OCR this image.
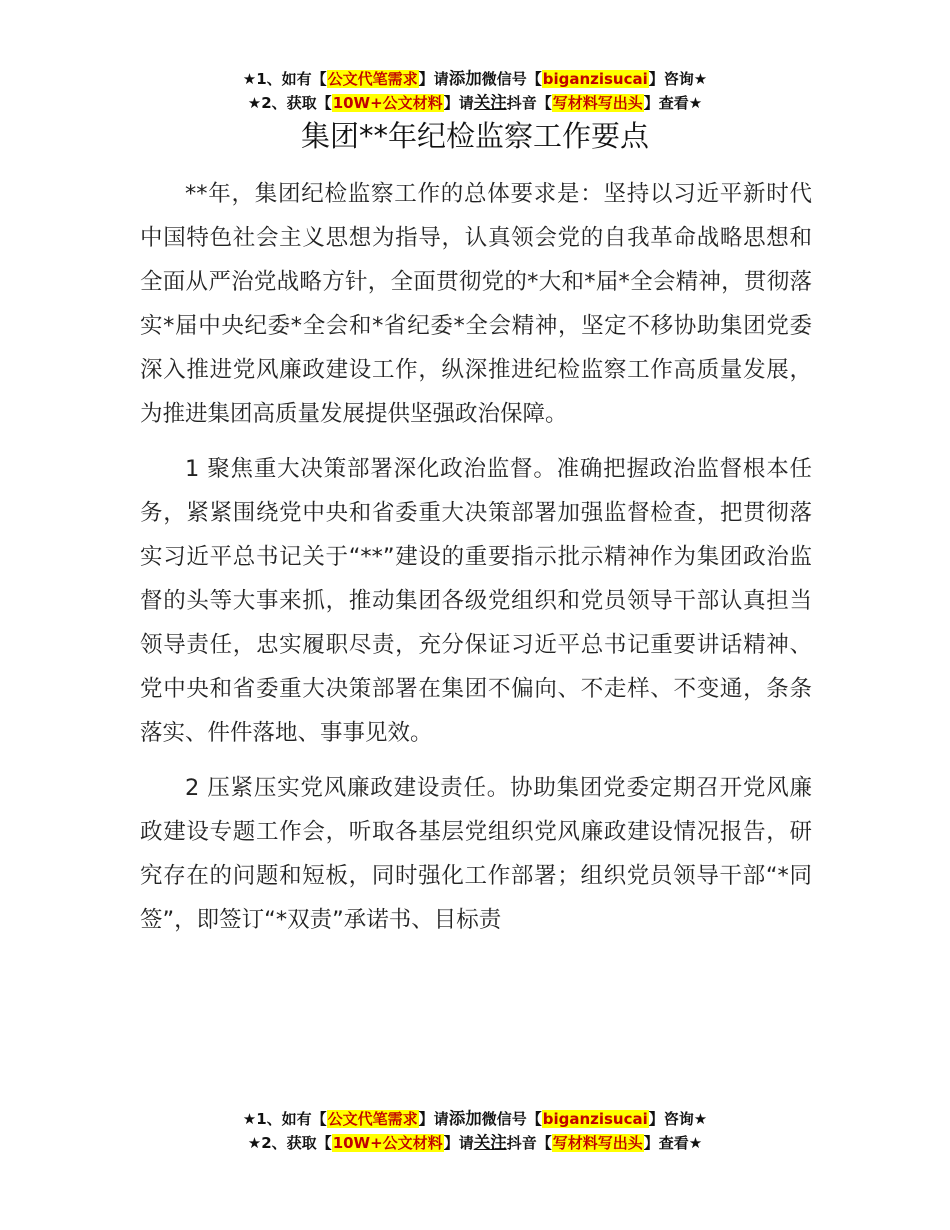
★1、如有【公文代笔需求】请添加微信号【biganzisucai】咨询★
★2、获取【10W+公文材料】请关注抖音【写材料写出头】查看★
集团**年纪检监察工作要点

**年，集团纪检监察工作的总体要求是：坚持以习近平新时代中国特色社会主义思想为指导，认真领会党的自我革命战略思想和全面从严治党战略方针，全面贯彻党的*大和*届*全会精神，贯彻落实*届中央纪委*全会和*省纪委*全会精神，坚定不移协助集团党委深入推进党风廉政建设工作，纵深推进纪检监察工作高质量发展，为推进集团高质量发展提供坚强政治保障。

1 聚焦重大决策部署深化政治监督。准确把握政治监督根本任务，紧紧围绕党中央和省委重大决策部署加强监督检查，把贯彻落实习近平总书记关于“**”建设的重要指示批示精神作为集团政治监督的头等大事来抓，推动集团各级党组织和党员领导干部认真担当领导责任，忠实履职尽责，充分保证习近平总书记重要讲话精神、党中央和省委重大决策部署在集团不偏向、不走样、不变通，条条落实、件件落地、事事见效。

2 压紧压实党风廉政建设责任。协助集团党委定期召开党风廉政建设专题工作会，听取各基层党组织党风廉政建设情况报告，研究存在的问题和短板，同时强化工作部署；组织党员领导干部“*同签”，即签订“*双责”承诺书、目标责

★1、如有【公文代笔需求】请添加微信号【biganzisucai】咨询★
★2、获取【10W+公文材料】请关注抖音【写材料写出头】查看★
